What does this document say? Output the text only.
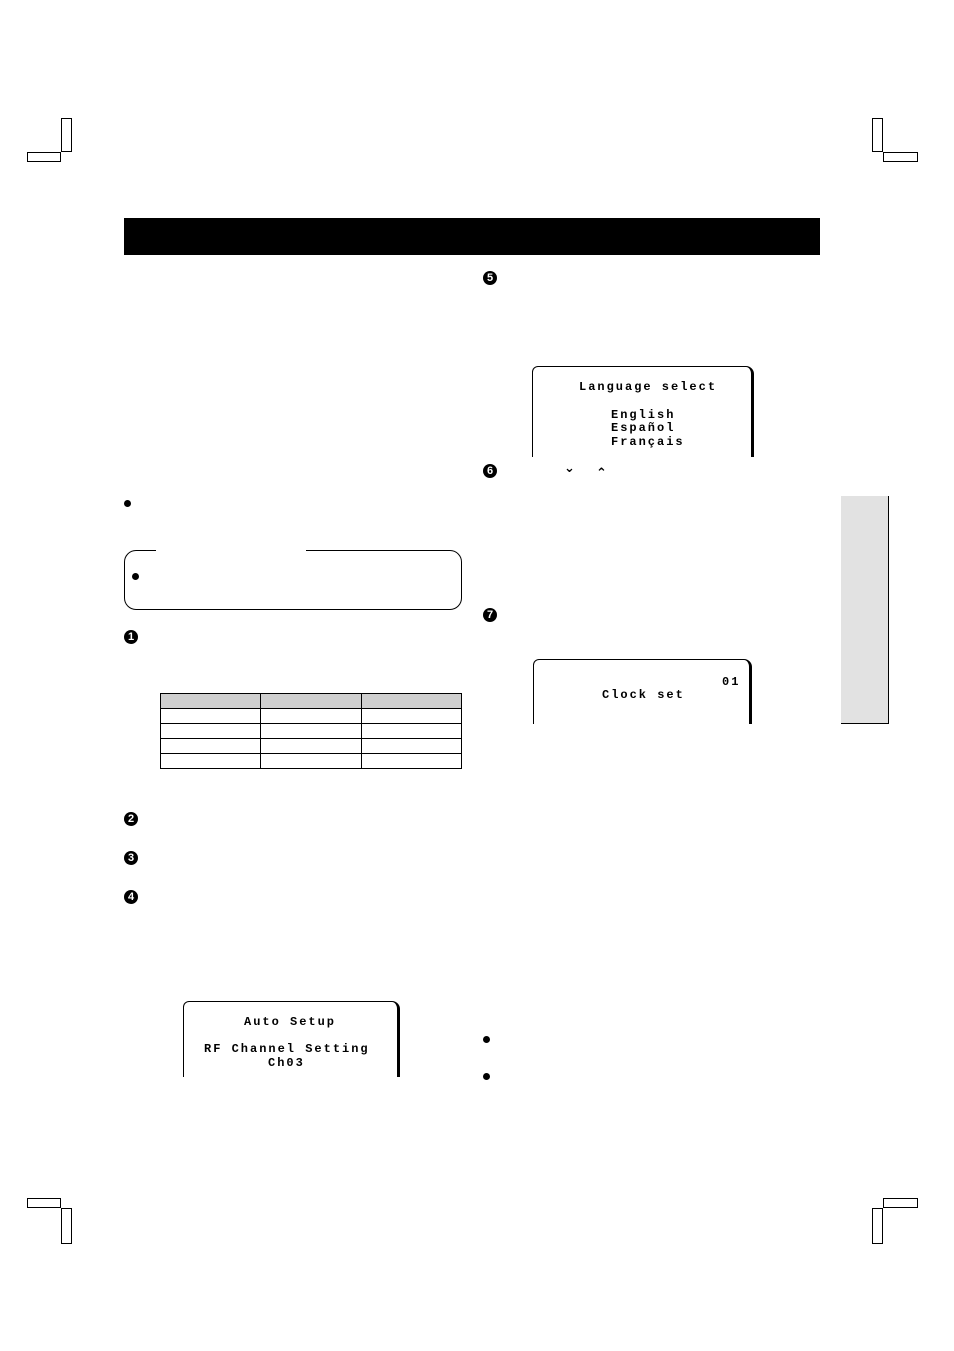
1

2
3
4
Auto Setup
RF Channel Setting
Ch03
5
Language select
English
Español
Français
6	⌄ ⌃
7
01
Clock set
